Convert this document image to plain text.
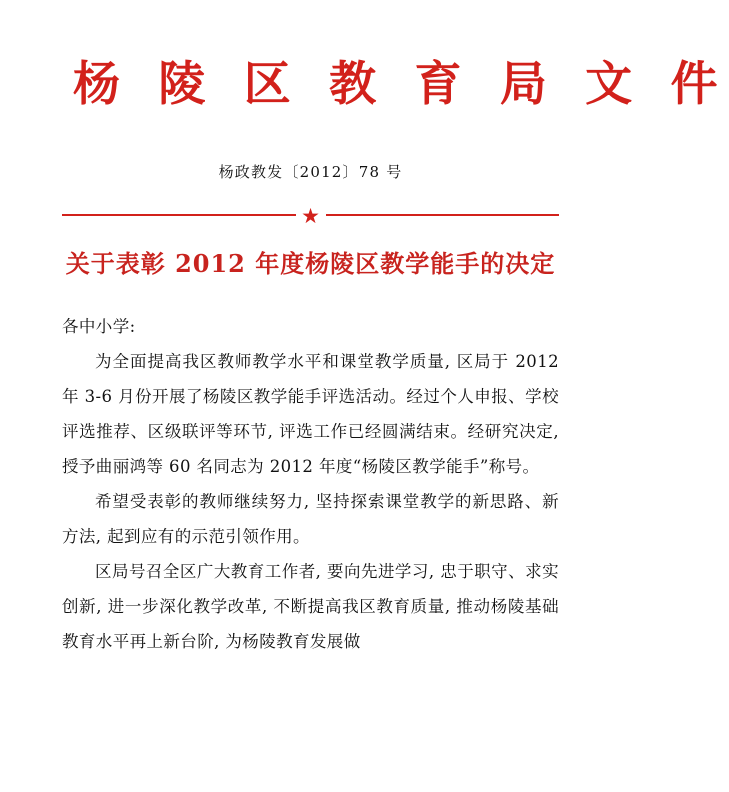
杨 陵 区 教 育 局 文 件
杨政教发〔2012〕78 号
★
关于表彰 2012 年度杨陵区教学能手的决定

各中小学:

为全面提高我区教师教学水平和课堂教学质量, 区局于 2012 年 3-6 月份开展了杨陵区教学能手评选活动。经过个人申报、学校评选推荐、区级联评等环节, 评选工作已经圆满结束。经研究决定, 授予曲丽鸿等 60 名同志为 2012 年度“杨陵区教学能手”称号。

希望受表彰的教师继续努力, 坚持探索课堂教学的新思路、新方法, 起到应有的示范引领作用。

区局号召全区广大教育工作者, 要向先进学习, 忠于职守、求实创新, 进一步深化教学改革, 不断提高我区教育质量, 推动杨陵基础教育水平再上新台阶, 为杨陵教育发展做
